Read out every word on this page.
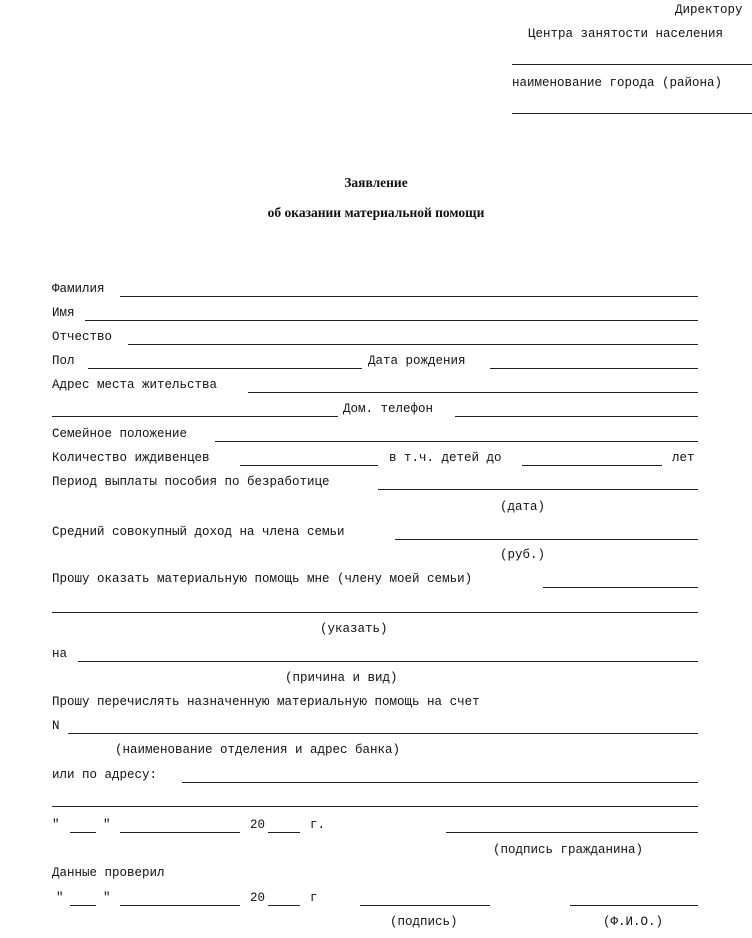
Директору
Центра занятости населения
наименование города (района)
Заявление
об оказании материальной помощи
Фамилия
Имя
Отчество
Пол	Дата рождения
Адрес места жительства
Дом. телефон
Семейное положение
Количество иждивенцев	в т.ч. детей до	лет
Период выплаты пособия по безработице
(дата)
Средний совокупный доход на члена семьи
(руб.)
Прошу оказать материальную помощь мне (члену моей семьи)
(указать)
на
(причина и вид)
Прошу перечислять назначенную материальную помощь на счет
N
(наименование отделения и адрес банка)
или по адресу:
"	"	20	г.
(подпись гражданина)
Данные проверил
"	"	20	г
(подпись)	(Ф.И.О.)
